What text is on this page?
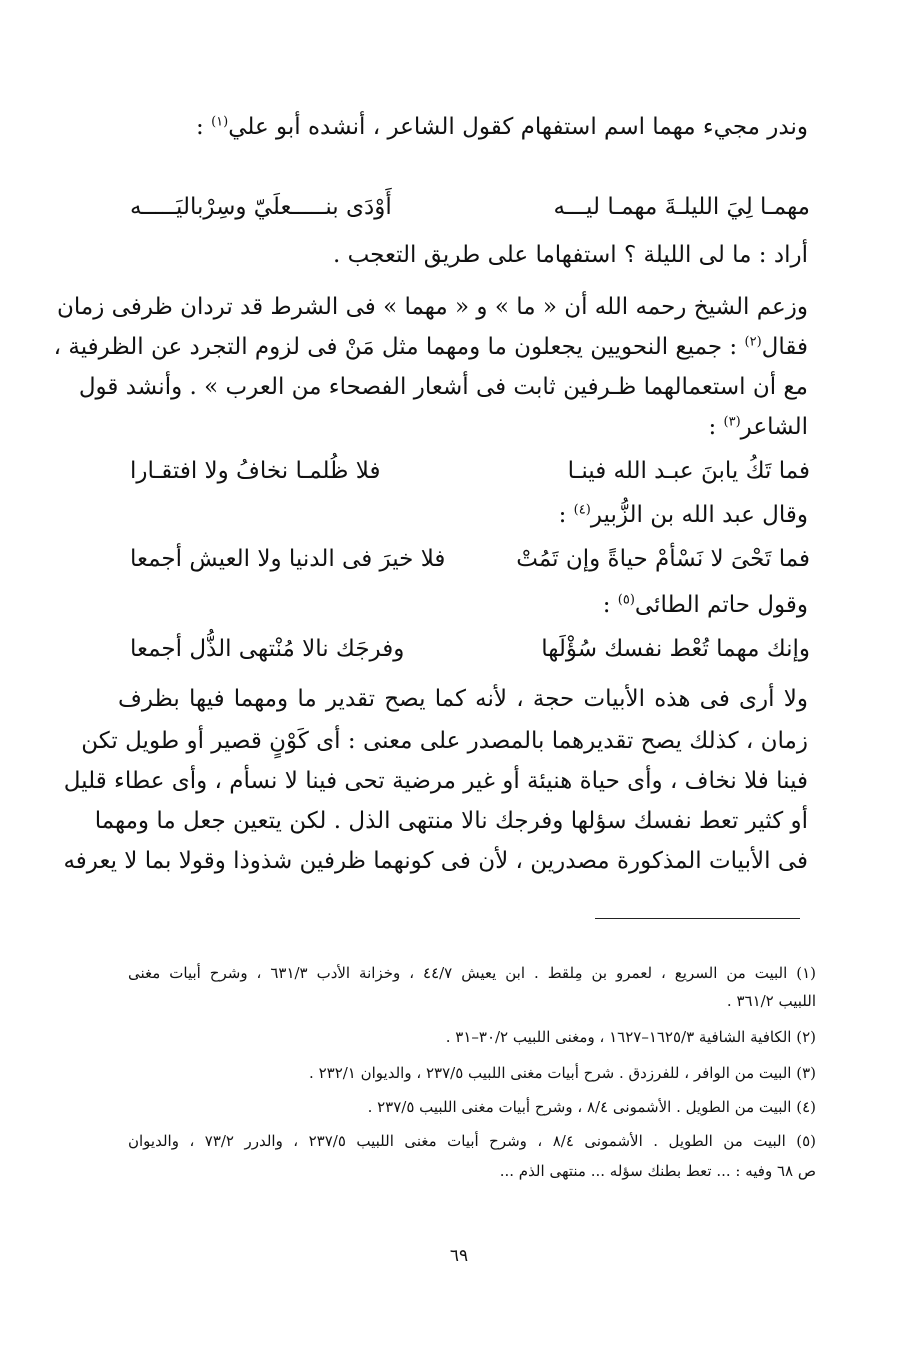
وندر مجيء مهما اسم استفهام كقول الشاعر ، أنشده أبو علي$^{(١)}$ :
مهمـا لِيَ الليلـةَ مهمـا ليـــه
أَوْدَى بنـــــعلَيّ وسِرْباليَـــــه
أراد : ما لى الليلة ؟ استفهاما على طريق التعجب .
وزعم الشيخ رحمه الله أن « ما » و « مهما » فى الشرط قد تردان ظرفى زمان
فقال$^{(٢)}$ : جميع النحويين يجعلون ما ومهما مثل مَنْ فى لزوم التجرد عن الظرفية ،
مع أن استعمالهما ظـرفين ثابت فى أشعار الفصحاء من العرب » . وأنشد قول
الشاعر$^{(٣)}$ :
فما تَكُ يابنَ عبـد الله فينـا
فلا ظُلمـا نخافُ ولا افتقـارا
وقال عبد الله بن الزُّبير$^{(٤)}$ :
فما تَحْىَ لا نَسْأمْ حياةً وإن تَمُتْ
فلا خيرَ فى الدنيا ولا العيش أجمعا
وقول حاتم الطائى$^{(٥)}$ :
وإنك مهما تُعْط نفسك سُؤْلَها
وفرجَك نالا مُنْتهى الذُّل أجمعا
ولا أرى فى هذه الأبيات حجة ، لأنه كما يصح تقدير ما ومهما فيها بظرف
زمان ، كذلك يصح تقديرهما بالمصدر على معنى : أى كَوْنٍ قصير أو طويل تكن
فينا فلا نخاف ، وأى حياة هنيئة أو غير مرضية تحى فينا لا نسأم ، وأى عطاء قليل
أو كثير تعط نفسك سؤلها وفرجك نالا منتهى الذل . لكن يتعين جعل ما ومهما
فى الأبيات المذكورة مصدرين ، لأن فى كونهما ظرفين شذوذا وقولا بما لا يعرفه
(١) البيت من السريع ، لعمرو بن مِلقط . ابن يعيش ٤٤/٧ ، وخزانة الأدب ٦٣١/٣ ، وشرح أبيات مغنى
اللبيب ٣٦١/٢ .
(٢) الكافية الشافية ١٦٢٥/٣–١٦٢٧ ، ومغنى اللبيب ٣٠/٢–٣١ .
(٣) البيت من الوافر ، للفرزدق . شرح أبيات مغنى اللبيب ٢٣٧/٥ ، والديوان ٢٣٢/١ .
(٤) البيت من الطويل . الأشمونى ٨/٤ ، وشرح أبيات مغنى اللبيب ٢٣٧/٥ .
(٥) البيت من الطويل . الأشمونى ٨/٤ ، وشرح أبيات مغنى اللبيب ٢٣٧/٥ ، والدرر ٧٣/٢ ، والديوان
ص ٦٨ وفيه : ... تعط بطنك سؤله ... منتهى الذم ...
٦٩
